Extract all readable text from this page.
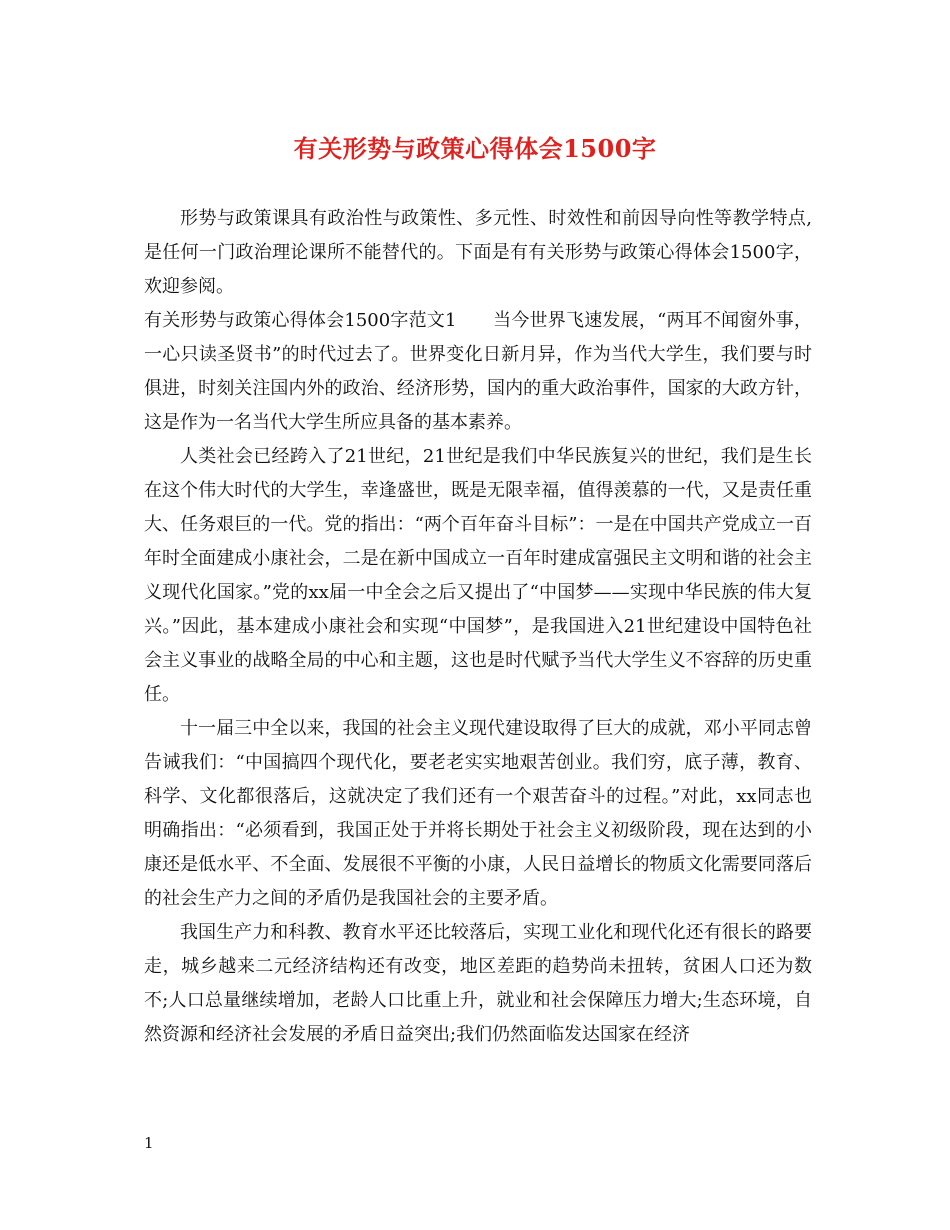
有关形势与政策心得体会1500字

形势与政策课具有政治性与政策性、多元性、时效性和前因导向性等教学特点,是任何一门政治理论课所不能替代的。下面是有有关形势与政策心得体会1500字，欢迎参阅。

有关形势与政策心得体会1500字范文1　　当今世界飞速发展，“两耳不闻窗外事，一心只读圣贤书”的时代过去了。世界变化日新月异，作为当代大学生，我们要与时俱进，时刻关注国内外的政治、经济形势，国内的重大政治事件，国家的大政方针，这是作为一名当代大学生所应具备的基本素养。

人类社会已经跨入了21世纪，21世纪是我们中华民族复兴的世纪，我们是生长在这个伟大时代的大学生，幸逢盛世，既是无限幸福，值得羡慕的一代，又是责任重大、任务艰巨的一代。党的指出：“两个百年奋斗目标”：一是在中国共产党成立一百年时全面建成小康社会，二是在新中国成立一百年时建成富强民主文明和谐的社会主义现代化国家。”党的xx届一中全会之后又提出了“中国梦——实现中华民族的伟大复兴。”因此，基本建成小康社会和实现“中国梦”，是我国进入21世纪建设中国特色社会主义事业的战略全局的中心和主题，这也是时代赋予当代大学生义不容辞的历史重任。

十一届三中全以来，我国的社会主义现代建设取得了巨大的成就，邓小平同志曾告诫我们：“中国搞四个现代化，要老老实实地艰苦创业。我们穷，底子薄，教育、科学、文化都很落后，这就决定了我们还有一个艰苦奋斗的过程。”对此，xx同志也明确指出：“必须看到，我国正处于并将长期处于社会主义初级阶段，现在达到的小康还是低水平、不全面、发展很不平衡的小康，人民日益增长的物质文化需要同落后的社会生产力之间的矛盾仍是我国社会的主要矛盾。

我国生产力和科教、教育水平还比较落后，实现工业化和现代化还有很长的路要走，城乡越来二元经济结构还有改变，地区差距的趋势尚未扭转，贫困人口还为数不;人口总量继续增加，老龄人口比重上升，就业和社会保障压力增大;生态环境，自然资源和经济社会发展的矛盾日益突出;我们仍然面临发达国家在经济

1
